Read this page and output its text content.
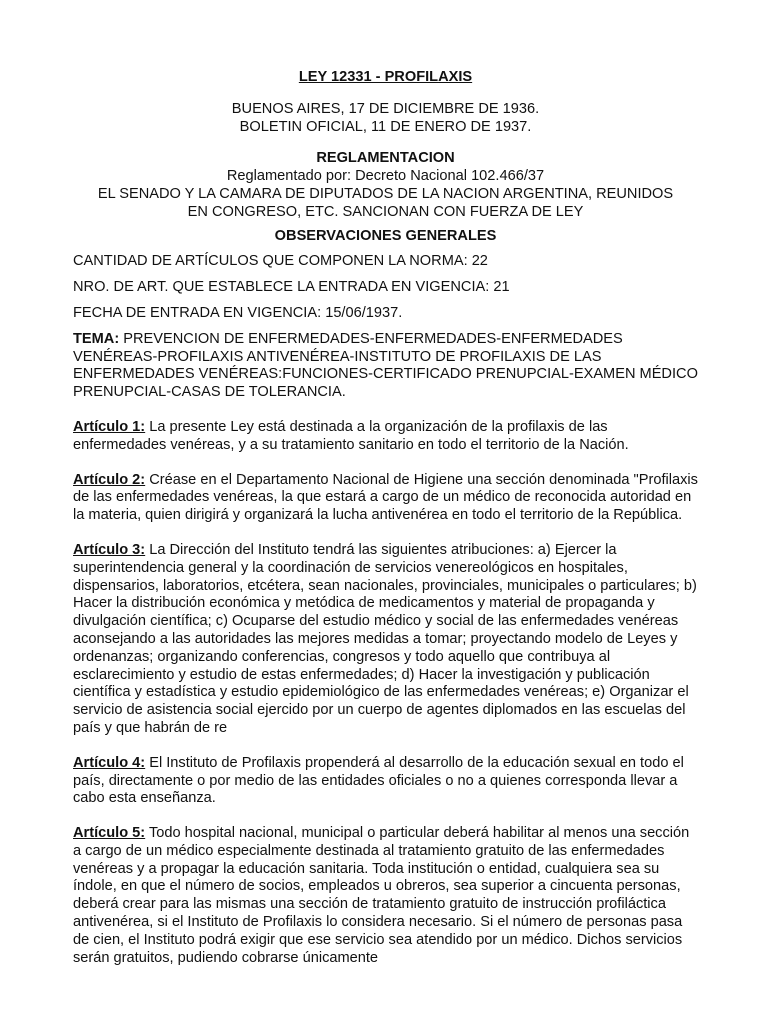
LEY 12331 - PROFILAXIS

BUENOS AIRES, 17 DE DICIEMBRE DE 1936.

BOLETIN OFICIAL, 11 DE ENERO DE 1937.

REGLAMENTACION

Reglamentado por: Decreto Nacional 102.466/37

EL SENADO Y LA CAMARA DE DIPUTADOS DE LA NACION ARGENTINA, REUNIDOS

EN CONGRESO, ETC. SANCIONAN CON FUERZA DE LEY

OBSERVACIONES GENERALES

CANTIDAD DE ARTÍCULOS QUE COMPONEN LA NORMA: 22

NRO. DE ART. QUE ESTABLECE LA ENTRADA EN VIGENCIA: 21

FECHA DE ENTRADA EN VIGENCIA: 15/06/1937.

TEMA: PREVENCION DE ENFERMEDADES-ENFERMEDADES-ENFERMEDADES VENÉREAS-PROFILAXIS ANTIVENÉREA-INSTITUTO DE PROFILAXIS DE LAS ENFERMEDADES VENÉREAS:FUNCIONES-CERTIFICADO PRENUPCIAL-EXAMEN MÉDICO PRENUPCIAL-CASAS DE TOLERANCIA.

Artículo 1: La presente Ley está destinada a la organización de la profilaxis de las enfermedades venéreas, y a su tratamiento sanitario en todo el territorio de la Nación.

Artículo 2: Créase en el Departamento Nacional de Higiene una sección denominada "Profilaxis de las enfermedades venéreas, la que estará a cargo de un médico de reconocida autoridad en la materia, quien dirigirá y organizará la lucha antivenérea en todo el territorio de la República.

Artículo 3: La Dirección del Instituto tendrá las siguientes atribuciones: a) Ejercer la superintendencia general y la coordinación de servicios venereológicos en hospitales, dispensarios, laboratorios, etcétera, sean nacionales, provinciales, municipales o particulares; b) Hacer la distribución económica y metódica de medicamentos y material de propaganda y divulgación científica; c) Ocuparse del estudio médico y social de las enfermedades venéreas aconsejando a las autoridades las mejores medidas a tomar; proyectando modelo de Leyes y ordenanzas; organizando conferencias, congresos y todo aquello que contribuya al esclarecimiento y estudio de estas enfermedades; d) Hacer la investigación y publicación científica y estadística y estudio epidemiológico de las enfermedades venéreas; e) Organizar el servicio de asistencia social ejercido por un cuerpo de agentes diplomados en las escuelas del país y que habrán de re

Artículo 4: El Instituto de Profilaxis propenderá al desarrollo de la educación sexual en todo el país, directamente o por medio de las entidades oficiales o no a quienes corresponda llevar a cabo esta enseñanza.

Artículo 5: Todo hospital nacional, municipal o particular deberá habilitar al menos una sección a cargo de un médico especialmente destinada al tratamiento gratuito de las enfermedades venéreas y a propagar la educación sanitaria. Toda institución o entidad, cualquiera sea su índole, en que el número de socios, empleados u obreros, sea superior a cincuenta personas, deberá crear para las mismas una sección de tratamiento gratuito de instrucción profiláctica antivenérea, si el Instituto de Profilaxis lo considera necesario. Si el número de personas pasa de cien, el Instituto podrá exigir que ese servicio sea atendido por un médico. Dichos servicios serán gratuitos, pudiendo cobrarse únicamente
